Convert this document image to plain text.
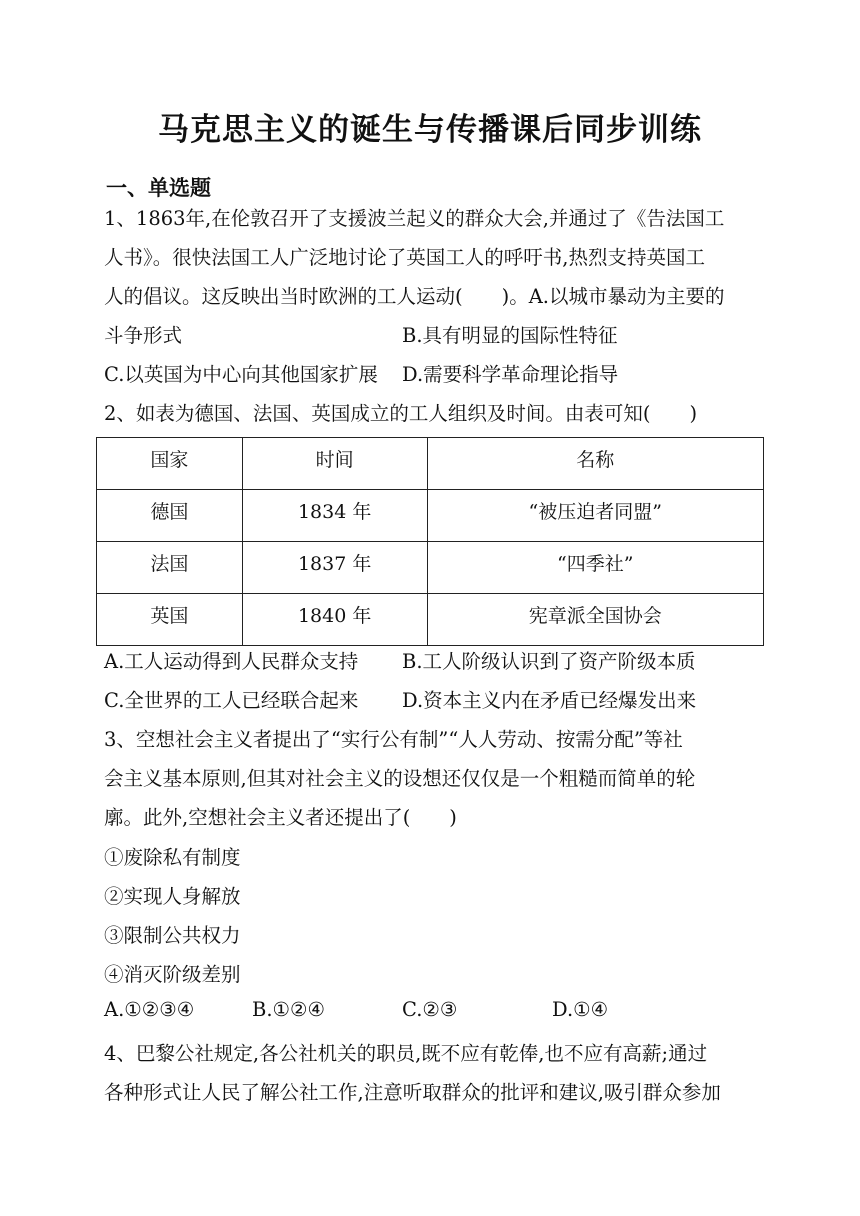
马克思主义的诞生与传播课后同步训练
一、单选题
1、1863年,在伦敦召开了支援波兰起义的群众大会,并通过了《告法国工
人书》。很快法国工人广泛地讨论了英国工人的呼吁书,热烈支持英国工
人的倡议。这反映出当时欧洲的工人运动(　　)。A.以城市暴动为主要的
斗争形式	B.具有明显的国际性特征
C.以英国为中心向其他国家扩展 D.需要科学革命理论指导
2、如表为德国、法国、英国成立的工人组织及时间。由表可知(　　)
国家	时间	名称
德国	1834 年	“被压迫者同盟”
法国	1837 年	“四季社”
英国	1840 年	宪章派全国协会
A.工人运动得到人民群众支持 B.工人阶级认识到了资产阶级本质
C.全世界的工人已经联合起来 D.资本主义内在矛盾已经爆发出来
3、空想社会主义者提出了“实行公有制”“人人劳动、按需分配”等社
会主义基本原则,但其对社会主义的设想还仅仅是一个粗糙而简单的轮
廓。此外,空想社会主义者还提出了(　　)
①废除私有制度
②实现人身解放
③限制公共权力
④消灭阶级差别
A.①②③④	B.①②④	C.②③	D.①④
4、巴黎公社规定,各公社机关的职员,既不应有乾俸,也不应有高薪;通过
各种形式让人民了解公社工作,注意听取群众的批评和建议,吸引群众参加
